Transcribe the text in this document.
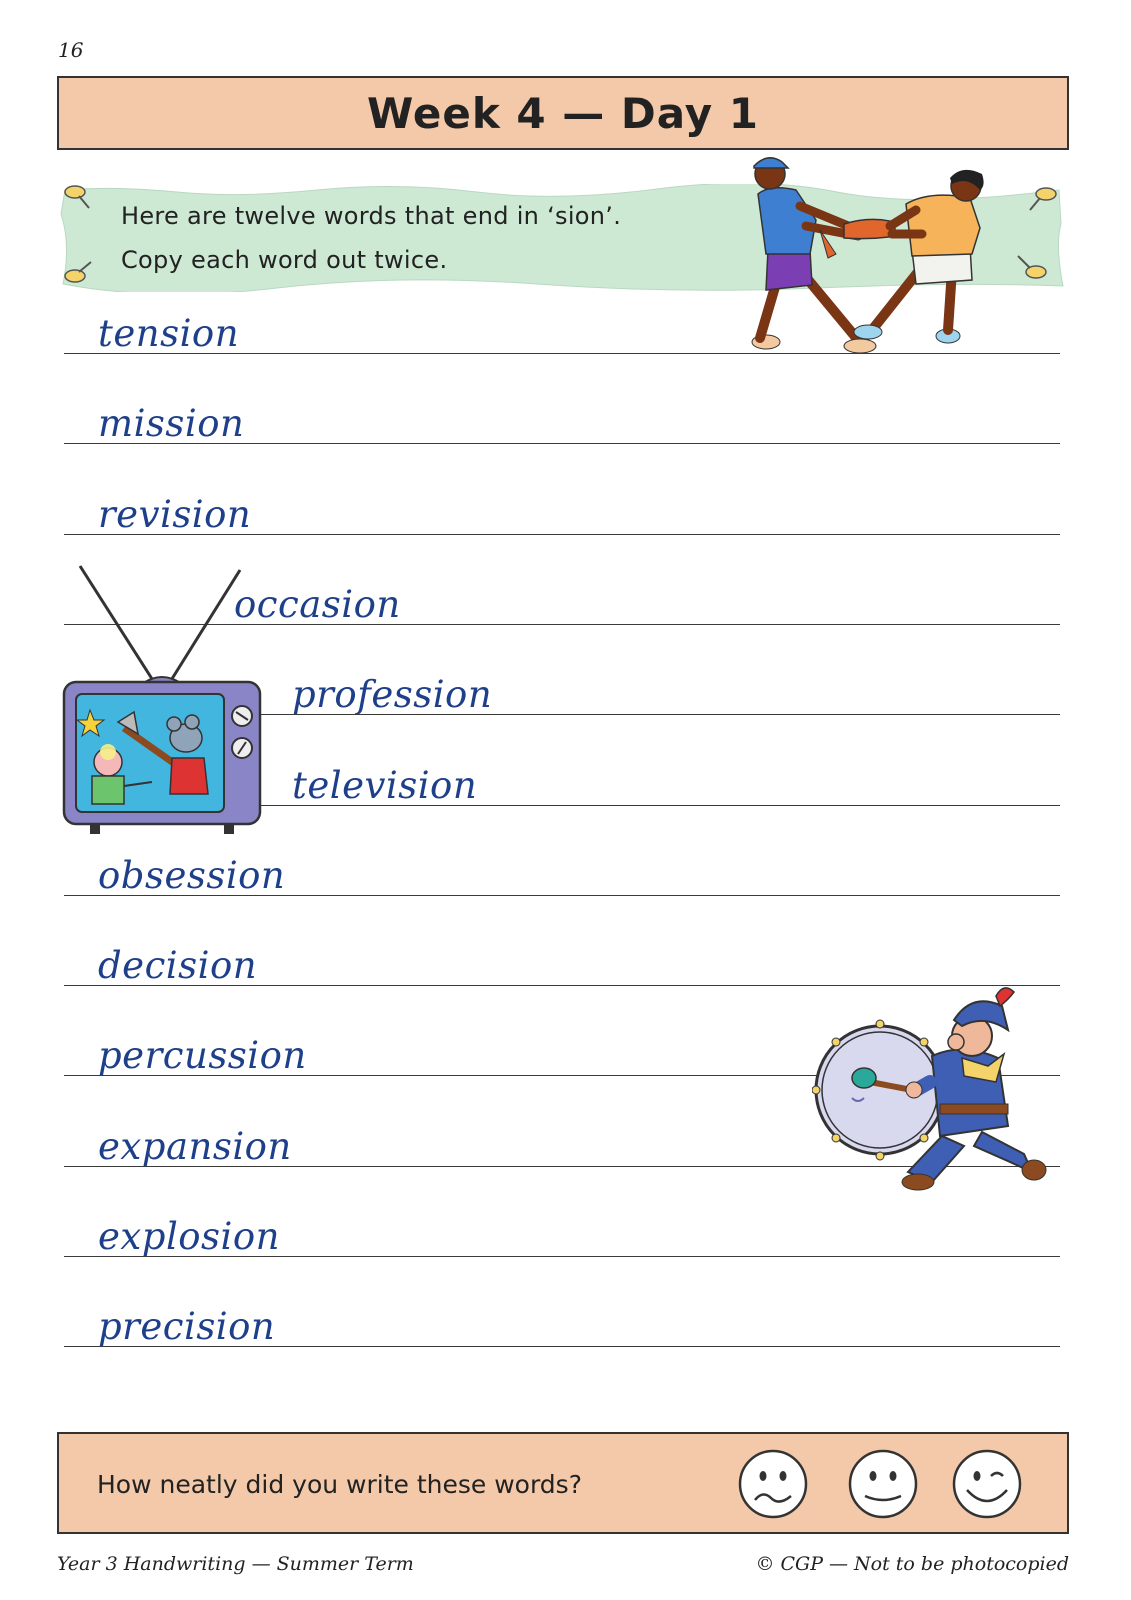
16
Week 4 — Day 1
Here are twelve words that end in ‘sion’.
Copy each word out twice.
tension
mission
revision
occasion
profession
television
obsession
decision
percussion
expansion
explosion
precision
How neatly did you write these words?
Year 3 Handwriting — Summer Term	© CGP — Not to be photocopied
